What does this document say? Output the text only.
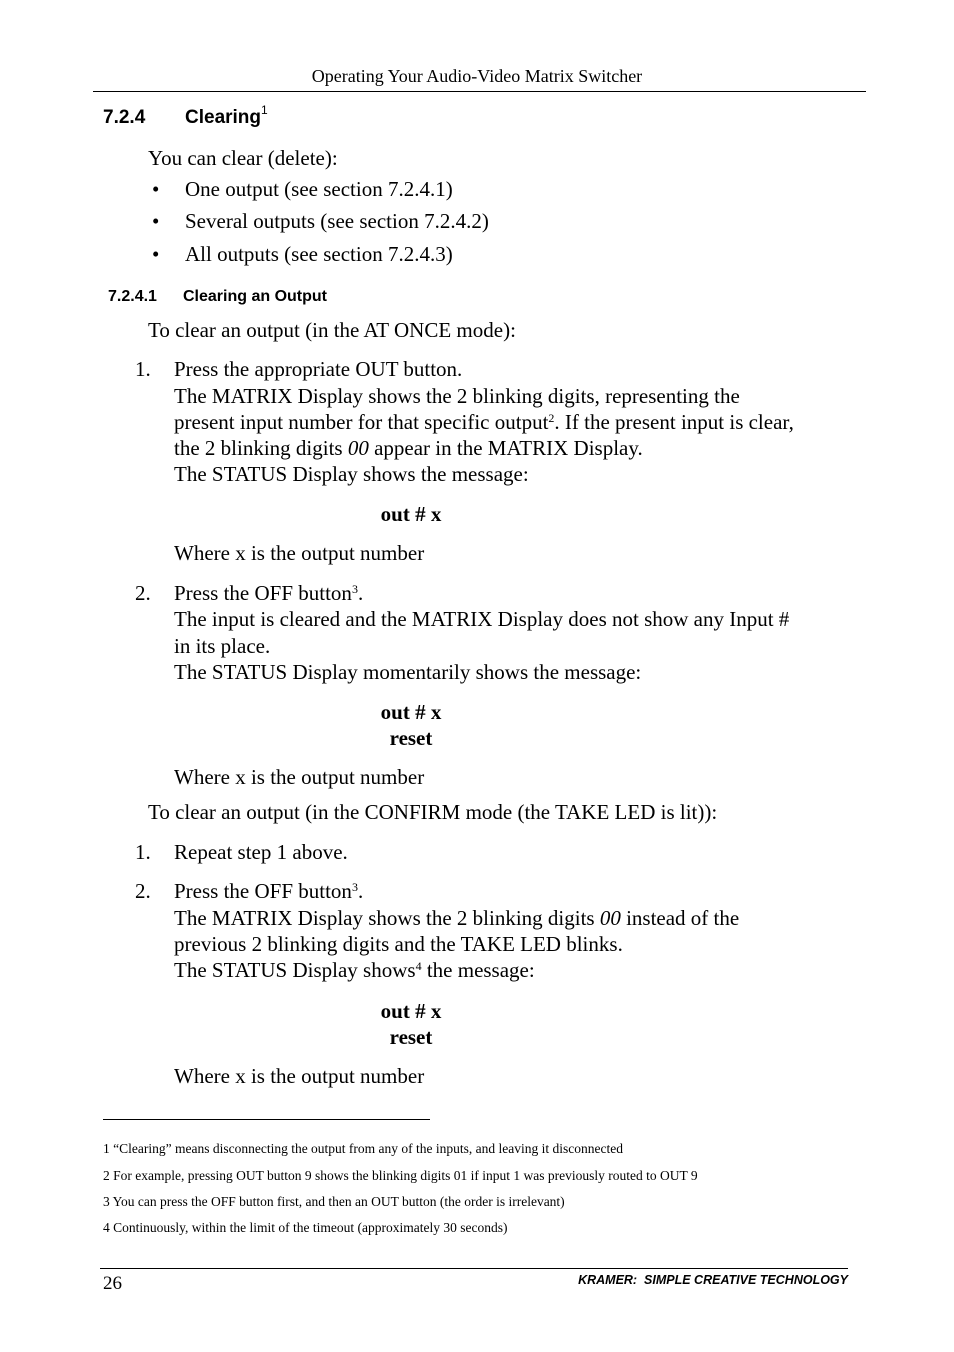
Operating Your Audio-Video Matrix Switcher
7.2.4 Clearing$^1$
You can clear (delete):
• One output (see section 7.2.4.1)
• Several outputs (see section 7.2.4.2)
• All outputs (see section 7.2.4.3)
7.2.4.1 Clearing an Output
To clear an output (in the AT ONCE mode):
1. Press the appropriate OUT button.
The MATRIX Display shows the 2 blinking digits, representing the
present input number for that specific output$^2$. If the present input is clear,
the 2 blinking digits 00 appear in the MATRIX Display.
The STATUS Display shows the message:
out # x
Where x is the output number
2. Press the OFF button$^3$.
The input is cleared and the MATRIX Display does not show any Input #
in its place.
The STATUS Display momentarily shows the message:
out # x
reset
Where x is the output number
To clear an output (in the CONFIRM mode (the TAKE LED is lit)):
1. Repeat step 1 above.
2. Press the OFF button$^3$.
The MATRIX Display shows the 2 blinking digits 00 instead of the
previous 2 blinking digits and the TAKE LED blinks.
The STATUS Display shows$^4$ the message:
out # x
reset
Where x is the output number
1 “Clearing” means disconnecting the output from any of the inputs, and leaving it disconnected
2 For example, pressing OUT button 9 shows the blinking digits 01 if input 1 was previously routed to OUT 9
3 You can press the OFF button first, and then an OUT button (the order is irrelevant)
4 Continuously, within the limit of the timeout (approximately 30 seconds)
26	KRAMER:  SIMPLE CREATIVE TECHNOLOGY
